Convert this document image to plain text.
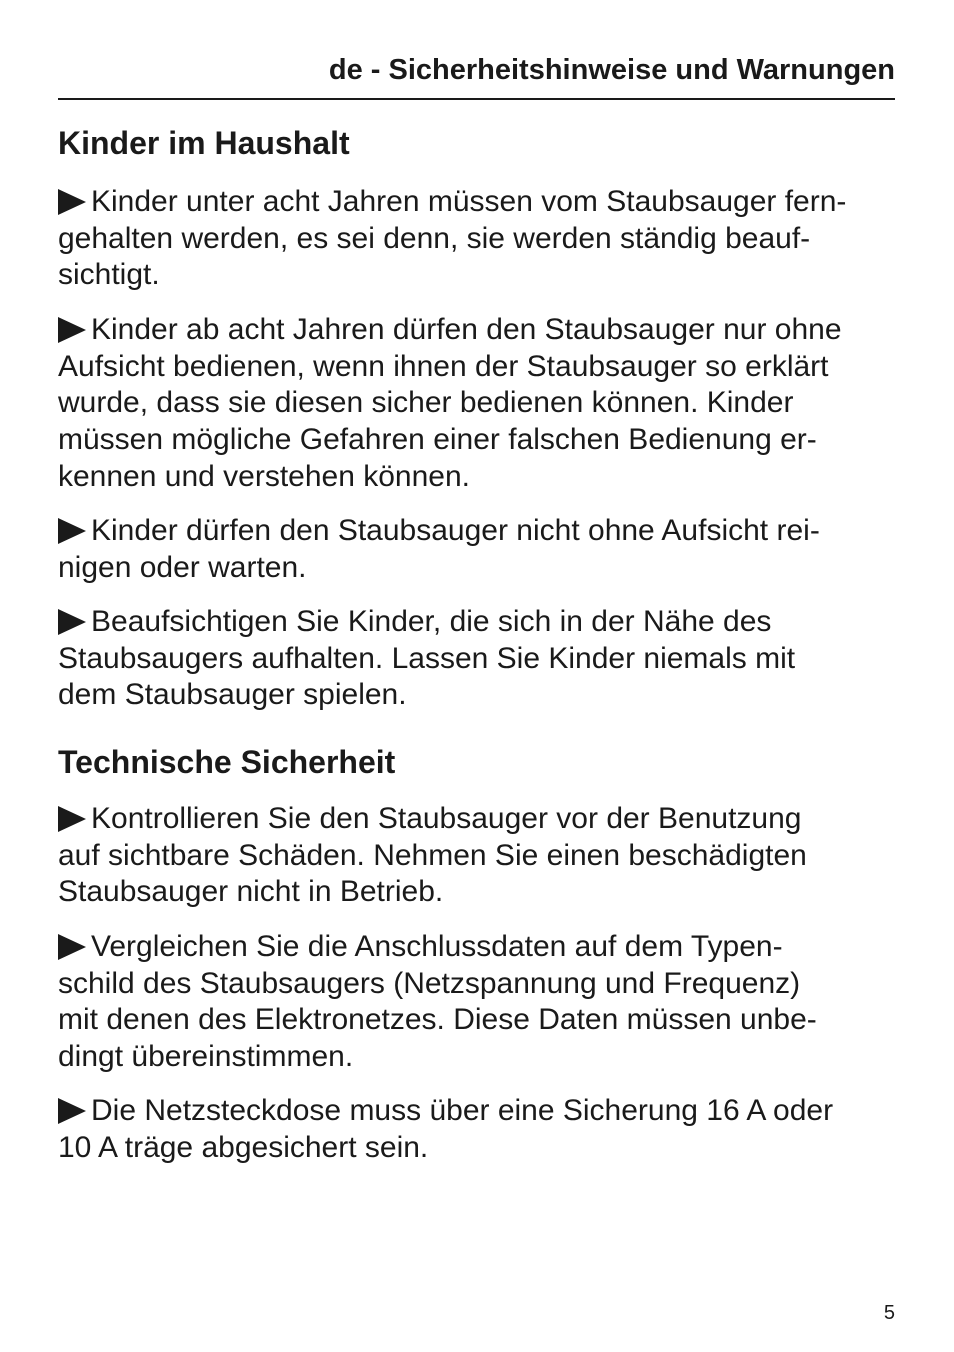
de - Sicherheitshinweise und Warnungen
Kinder im Haushalt

Kinder unter acht Jahren müssen vom Staubsauger fern-
gehalten werden, es sei denn, sie werden ständig beauf-
sichtigt.

Kinder ab acht Jahren dürfen den Staubsauger nur ohne
Aufsicht bedienen, wenn ihnen der Staubsauger so erklärt
wurde, dass sie diesen sicher bedienen können. Kinder
müssen mögliche Gefahren einer falschen Bedienung er-
kennen und verstehen können.

Kinder dürfen den Staubsauger nicht ohne Aufsicht rei-
nigen oder warten.

Beaufsichtigen Sie Kinder, die sich in der Nähe des
Staubsaugers aufhalten. Lassen Sie Kinder niemals mit
dem Staubsauger spielen.

Technische Sicherheit

Kontrollieren Sie den Staubsauger vor der Benutzung
auf sichtbare Schäden. Nehmen Sie einen beschädigten
Staubsauger nicht in Betrieb.

Vergleichen Sie die Anschlussdaten auf dem Typen-
schild des Staubsaugers (Netzspannung und Frequenz)
mit denen des Elektronetzes. Diese Daten müssen unbe-
dingt übereinstimmen.

Die Netzsteckdose muss über eine Sicherung 16 A oder
10 A träge abgesichert sein.

5
